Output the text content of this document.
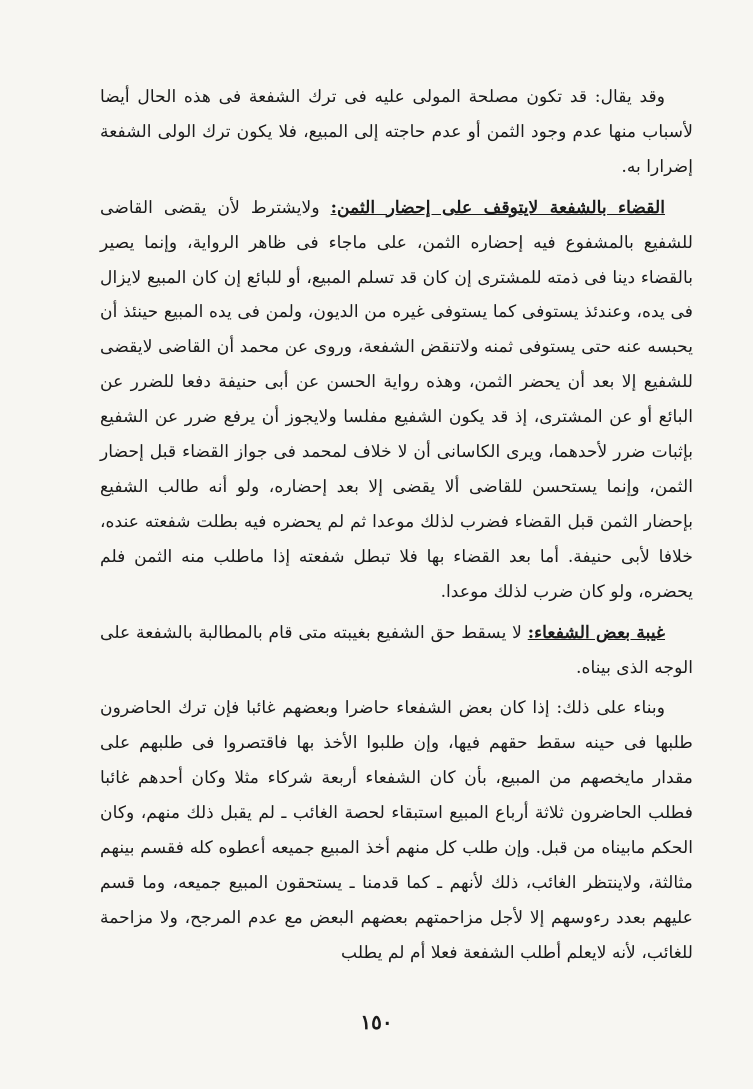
وقد يقال: قد تكون مصلحة المولى عليه فى ترك الشفعة فى هذه الحال أيضا لأسباب منها عدم وجود الثمن أو عدم حاجته إلى المبيع، فلا يكون ترك الولى الشفعة إضرارا به.

القضاء بالشفعة لايتوقف على إحضار الثمن: ولايشترط لأن يقضى القاضى للشفيع بالمشفوع فيه إحضاره الثمن، على ماجاء فى ظاهر الرواية، وإنما يصير بالقضاء دينا فى ذمته للمشترى إن كان قد تسلم المبيع، أو للبائع إن كان المبيع لايزال فى يده، وعندئذ يستوفى كما يستوفى غيره من الديون، ولمن فى يده المبيع حينئذ أن يحبسه عنه حتى يستوفى ثمنه ولاتنقض الشفعة، وروى عن محمد أن القاضى لايقضى للشفيع إلا بعد أن يحضر الثمن، وهذه رواية الحسن عن أبى حنيفة دفعا للضرر عن البائع أو عن المشترى، إذ قد يكون الشفيع مفلسا ولايجوز أن يرفع ضرر عن الشفيع بإثبات ضرر لأحدهما، ويرى الكاسانى أن لا خلاف لمحمد فى جواز القضاء قبل إحضار الثمن، وإنما يستحسن للقاضى ألا يقضى إلا بعد إحضاره، ولو أنه طالب الشفيع بإحضار الثمن قبل القضاء فضرب لذلك موعدا ثم لم يحضره فيه بطلت شفعته عنده، خلافا لأبى حنيفة. أما بعد القضاء بها فلا تبطل شفعته إذا ماطلب منه الثمن فلم يحضره، ولو كان ضرب لذلك موعدا.

غيبة بعض الشفعاء: لا يسقط حق الشفيع بغيبته متى قام بالمطالبة بالشفعة على الوجه الذى بيناه.

وبناء على ذلك: إذا كان بعض الشفعاء حاضرا وبعضهم غائبا فإن ترك الحاضرون طلبها فى حينه سقط حقهم فيها، وإن طلبوا الأخذ بها فاقتصروا فى طلبهم على مقدار مايخصهم من المبيع، بأن كان الشفعاء أربعة شركاء مثلا وكان أحدهم غائبا فطلب الحاضرون ثلاثة أرباع المبيع استبقاء لحصة الغائب ـ لم يقبل ذلك منهم، وكان الحكم مابيناه من قبل. وإن طلب كل منهم أخذ المبيع جميعه أعطوه كله فقسم بينهم مثالثة، ولاينتظر الغائب، ذلك لأنهم ـ كما قدمنا ـ يستحقون المبيع جميعه، وما قسم عليهم بعدد رءوسهم إلا لأجل مزاحمتهم بعضهم البعض مع عدم المرجح، ولا مزاحمة للغائب، لأنه لايعلم أطلب الشفعة فعلا أم لم يطلب

١٥٠
